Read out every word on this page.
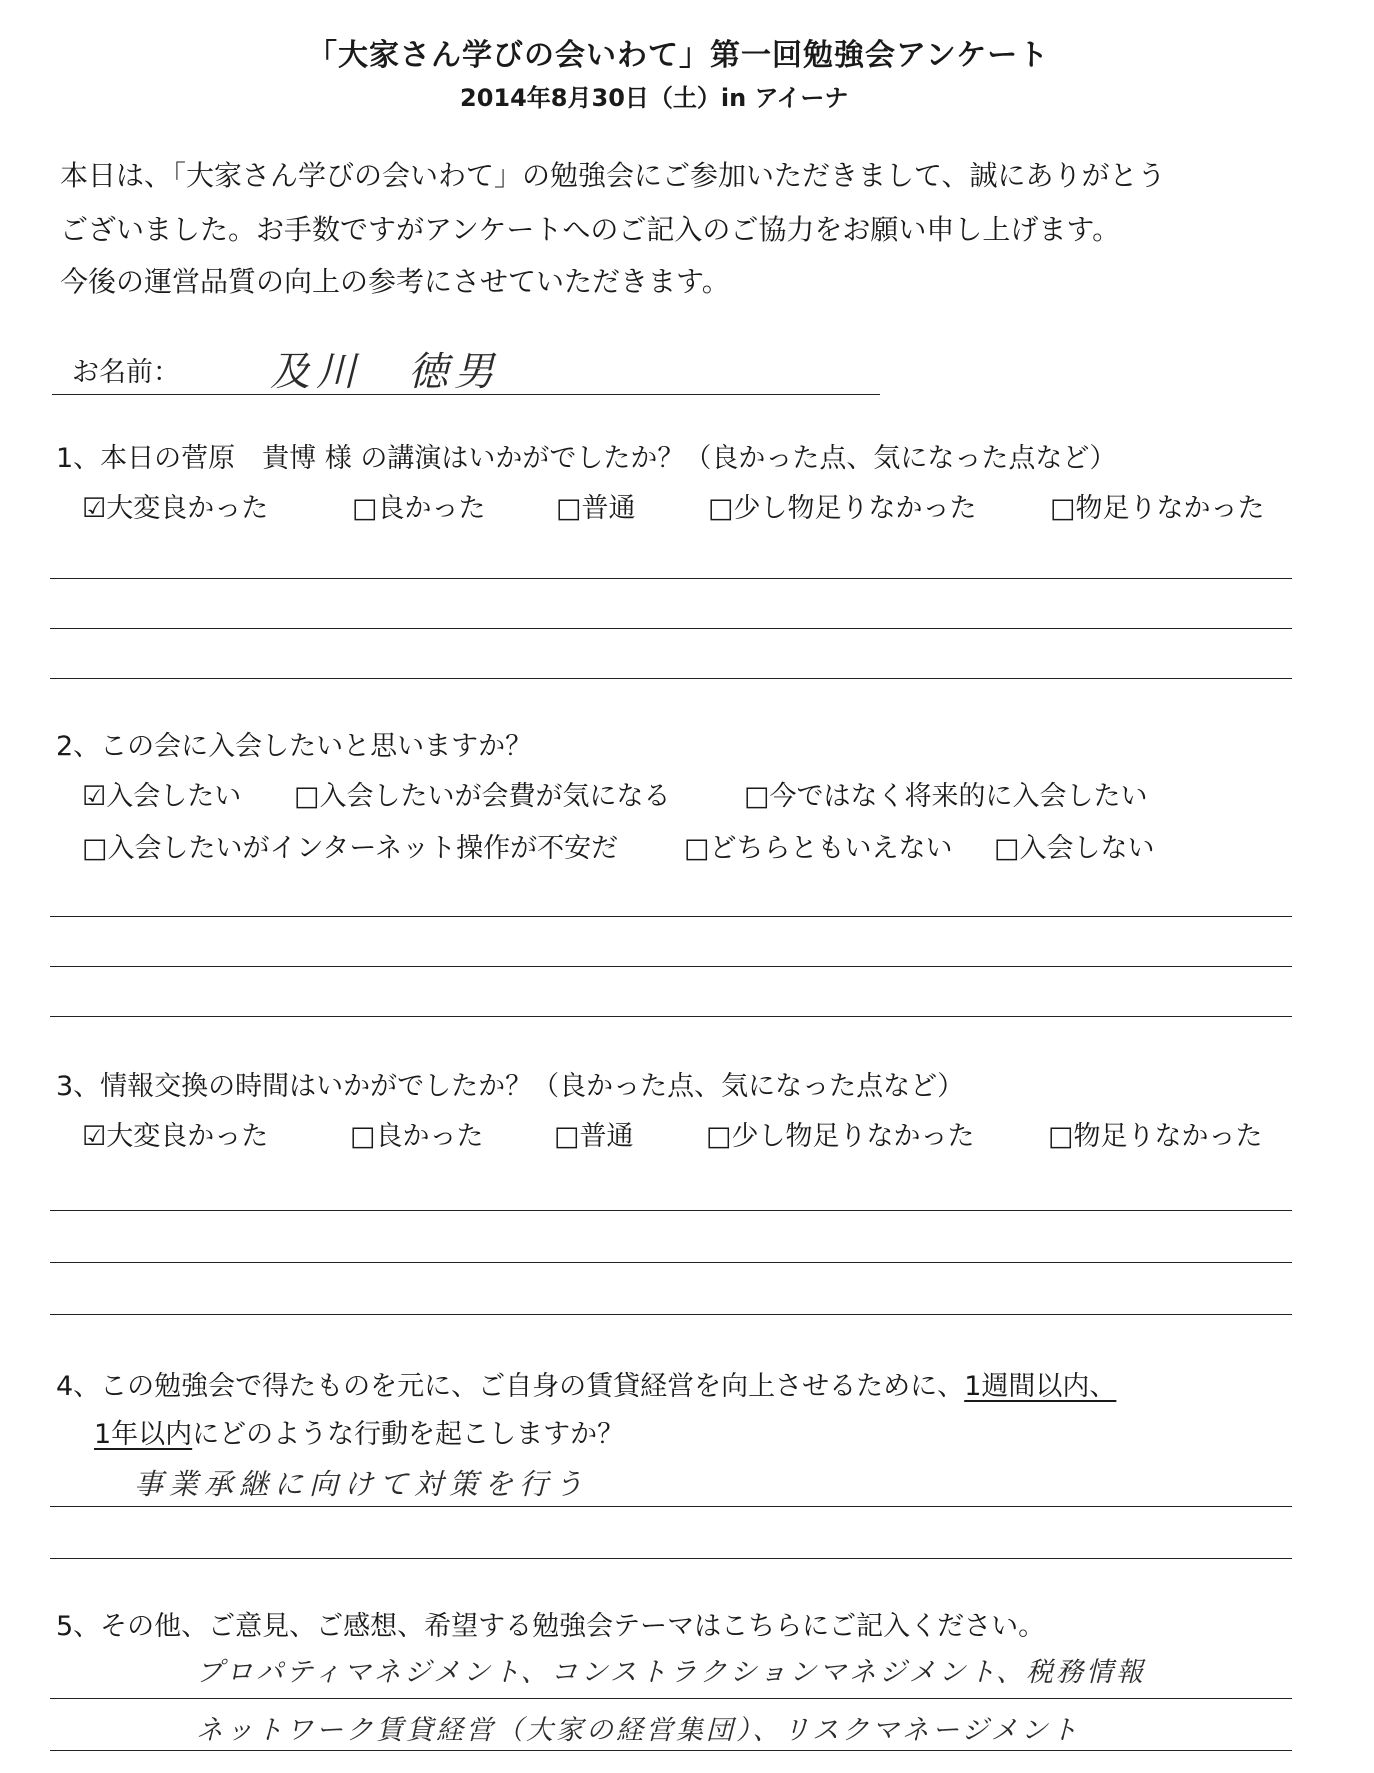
「大家さん学びの会いわて」第一回勉強会アンケート
2014年8月30日（土）in アイーナ
本日は、「大家さん学びの会いわて」の勉強会にご参加いただきまして、誠にありがとう
ございました。お手数ですがアンケートへのご記入のご協力をお願い申し上げます。
今後の運営品質の向上の参考にさせていただきます。
お名前： 及川　徳男
1、本日の菅原　貴博 様 の講演はいかがでしたか？（良かった点、気になった点など）
☑大変良かった	□良かった	□普通	□少し物足りなかった	□物足りなかった
2、この会に入会したいと思いますか？
☑入会したい □入会したいが会費が気になる	□今ではなく将来的に入会したい
□入会したいがインターネット操作が不安だ □どちらともいえない □入会しない
3、情報交換の時間はいかがでしたか？（良かった点、気になった点など）
☑大変良かった	□良かった	□普通	□少し物足りなかった	□物足りなかった
4、この勉強会で得たものを元に、ご自身の賃貸経営を向上させるために、1週間以内、
1年以内にどのような行動を起こしますか？
事業承継に向けて対策を行う
5、その他、ご意見、ご感想、希望する勉強会テーマはこちらにご記入ください。
プロパティマネジメント、コンストラクションマネジメント、税務情報
ネットワーク賃貸経営（大家の経営集団）、リスクマネージメント
